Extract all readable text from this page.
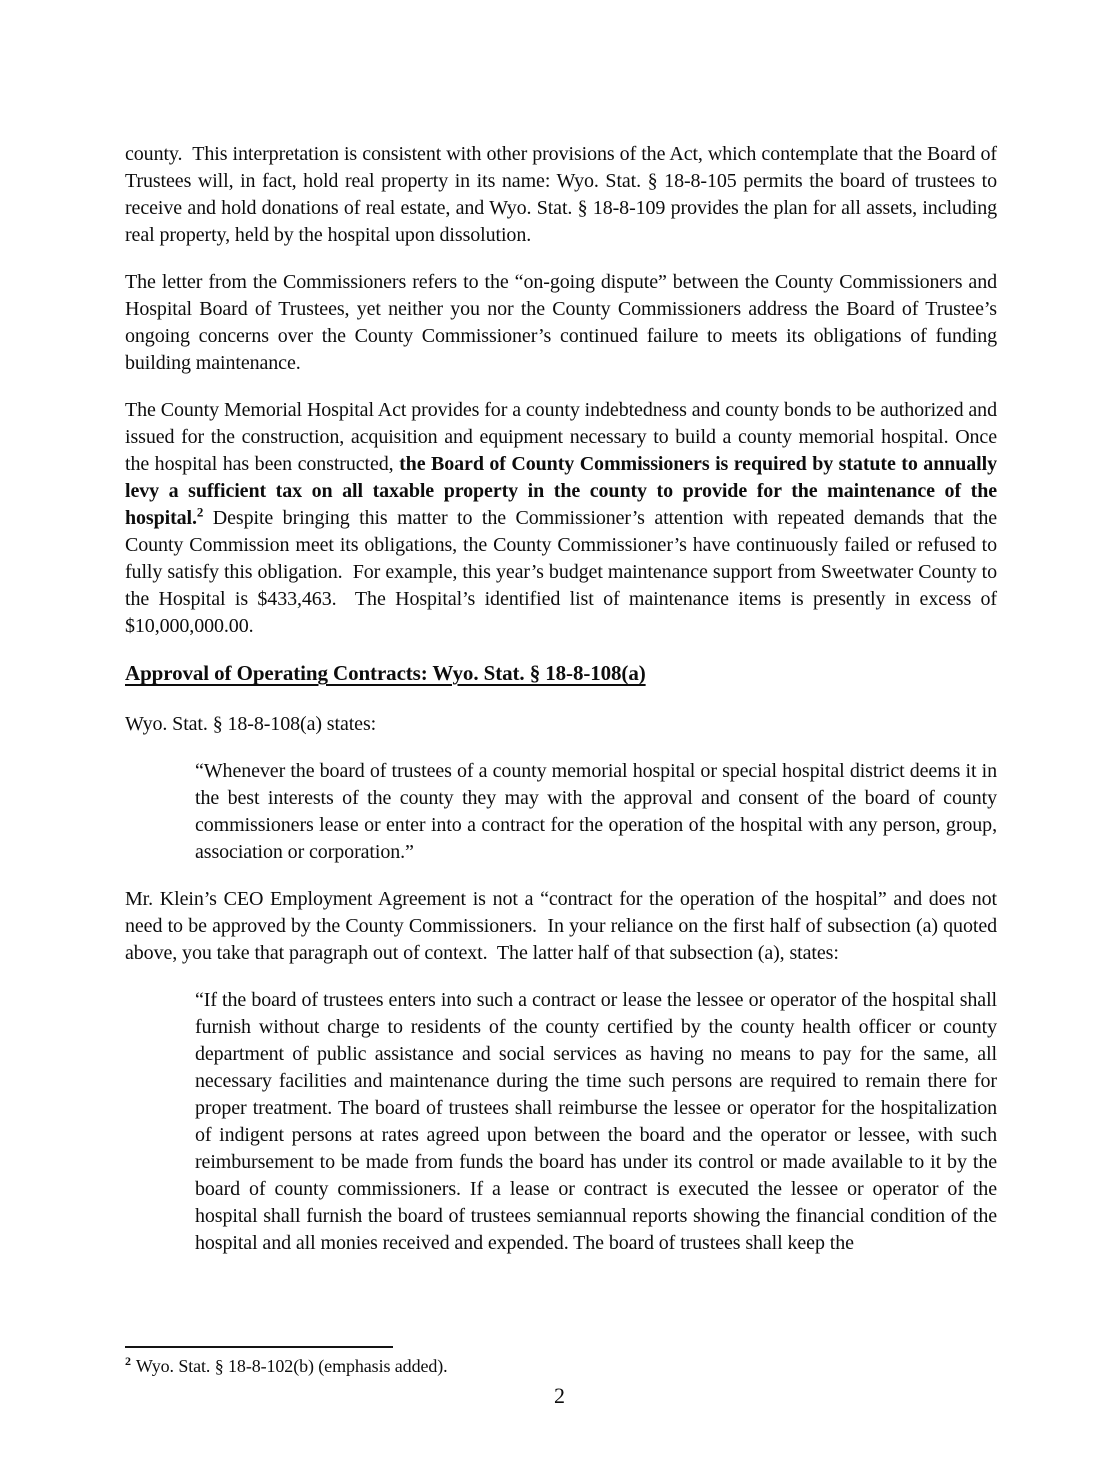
county.  This interpretation is consistent with other provisions of the Act, which contemplate that the Board of Trustees will, in fact, hold real property in its name: Wyo. Stat. § 18-8-105 permits the board of trustees to receive and hold donations of real estate, and Wyo. Stat. § 18-8-109 provides the plan for all assets, including real property, held by the hospital upon dissolution.

The letter from the Commissioners refers to the “on-going dispute” between the County Commissioners and Hospital Board of Trustees, yet neither you nor the County Commissioners address the Board of Trustee’s ongoing concerns over the County Commissioner’s continued failure to meets its obligations of funding building maintenance.

The County Memorial Hospital Act provides for a county indebtedness and county bonds to be authorized and issued for the construction, acquisition and equipment necessary to build a county memorial hospital. Once the hospital has been constructed, the Board of County Commissioners is required by statute to annually levy a sufficient tax on all taxable property in the county to provide for the maintenance of the hospital.$^2$ Despite bringing this matter to the Commissioner’s attention with repeated demands that the County Commission meet its obligations, the County Commissioner’s have continuously failed or refused to fully satisfy this obligation.  For example, this year’s budget maintenance support from Sweetwater County to the Hospital is $433,463.  The Hospital’s identified list of maintenance items is presently in excess of $10,000,000.00.

Approval of Operating Contracts: Wyo. Stat. § 18-8-108(a)

Wyo. Stat. § 18-8-108(a) states:

“Whenever the board of trustees of a county memorial hospital or special hospital district deems it in the best interests of the county they may with the approval and consent of the board of county commissioners lease or enter into a contract for the operation of the hospital with any person, group, association or corporation.”

Mr. Klein’s CEO Employment Agreement is not a “contract for the operation of the hospital” and does not need to be approved by the County Commissioners.  In your reliance on the first half of subsection (a) quoted above, you take that paragraph out of context.  The latter half of that subsection (a), states:

“If the board of trustees enters into such a contract or lease the lessee or operator of the hospital shall furnish without charge to residents of the county certified by the county health officer or county department of public assistance and social services as having no means to pay for the same, all necessary facilities and maintenance during the time such persons are required to remain there for proper treatment. The board of trustees shall reimburse the lessee or operator for the hospitalization of indigent persons at rates agreed upon between the board and the operator or lessee, with such reimbursement to be made from funds the board has under its control or made available to it by the board of county commissioners. If a lease or contract is executed the lessee or operator of the hospital shall furnish the board of trustees semiannual reports showing the financial condition of the hospital and all monies received and expended. The board of trustees shall keep the

$^2$ Wyo. Stat. § 18-8-102(b) (emphasis added).

2
